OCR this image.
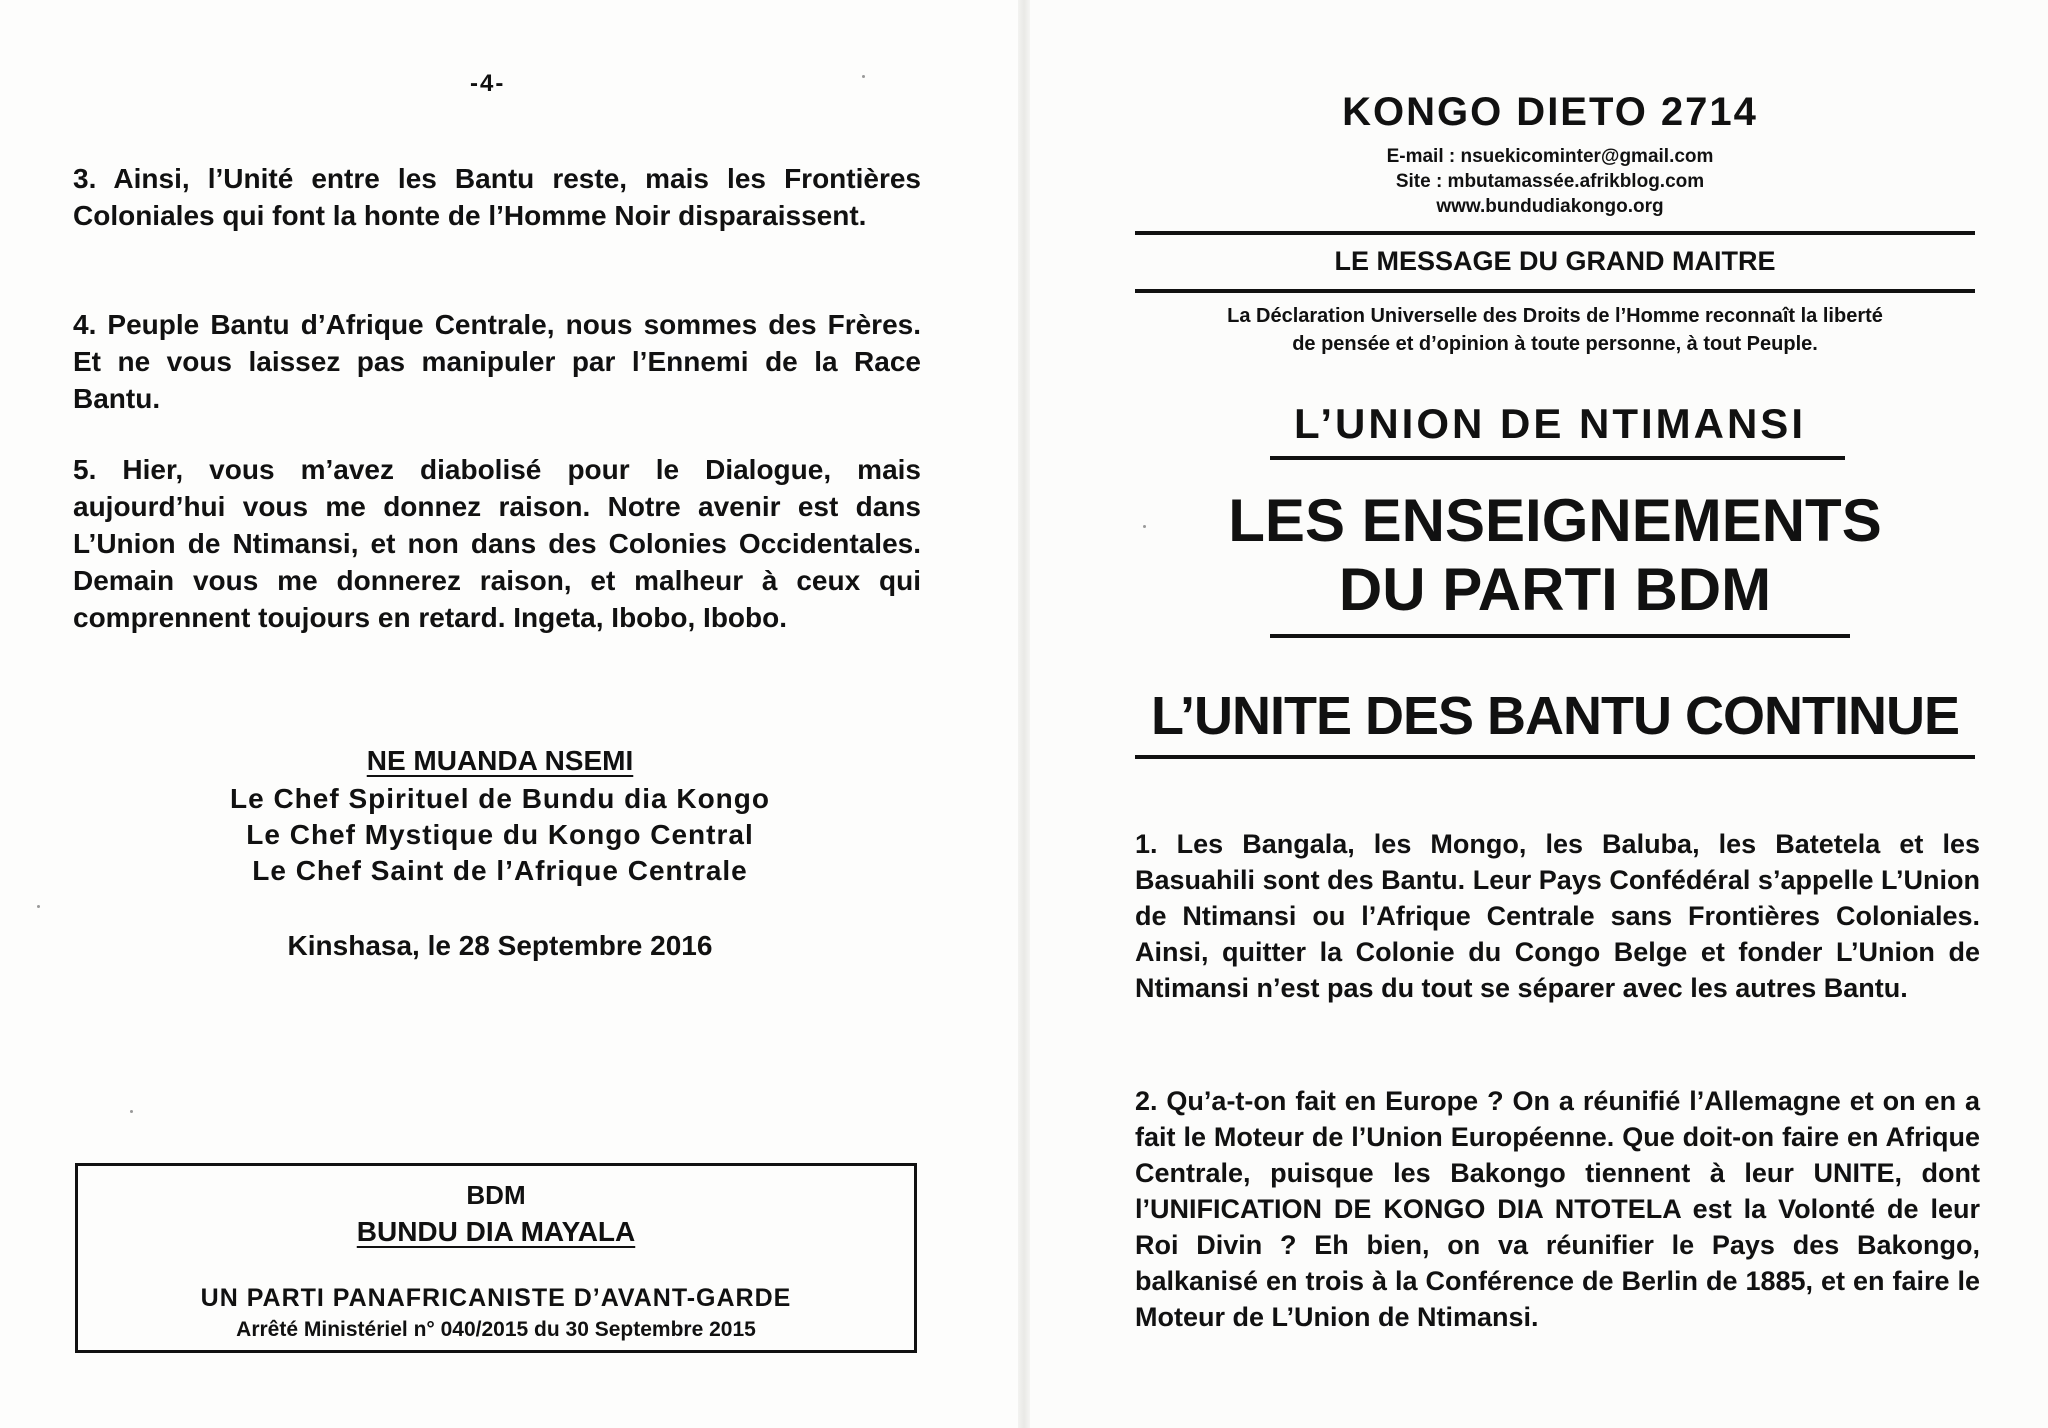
-4-

3. Ainsi, l’Unité entre les Bantu reste, mais les Frontières Coloniales qui font la honte de l’Homme Noir disparaissent.

4. Peuple Bantu d’Afrique Centrale, nous sommes des Frères. Et ne vous laissez pas manipuler par l’Ennemi de la Race Bantu.

5. Hier, vous m’avez diabolisé pour le Dialogue, mais aujourd’hui vous me donnez raison. Notre avenir est dans L’Union de Ntimansi, et non dans des Colonies Occidentales. Demain vous me donnerez raison, et malheur à ceux qui comprennent toujours en retard. Ingeta, Ibobo, Ibobo.

NE MUANDA NSEMI
Le Chef Spirituel de Bundu dia Kongo
Le Chef Mystique du Kongo Central
Le Chef Saint de l’Afrique Centrale
Kinshasa, le 28 Septembre 2016
BDM
BUNDU DIA MAYALA
UN PARTI PANAFRICANISTE D’AVANT-GARDE
Arrêté Ministériel n° 040/2015 du 30 Septembre 2015
KONGO DIETO 2714
E-mail : nsuekicominter@gmail.com
Site : mbutamassée.afrikblog.com
www.bundudiakongo.org
LE MESSAGE DU GRAND MAITRE
La Déclaration Universelle des Droits de l’Homme reconnaît la liberté
de pensée et d’opinion à toute personne, à tout Peuple.
L’UNION DE NTIMANSI
LES ENSEIGNEMENTS
DU PARTI BDM
L’UNITE DES BANTU CONTINUE

1. Les Bangala, les Mongo, les Baluba, les Batetela et les Basuahili sont des Bantu. Leur Pays Confédéral s’appelle L’Union de Ntimansi ou l’Afrique Centrale sans Frontières Coloniales. Ainsi, quitter la Colonie du Congo Belge et fonder L’Union de Ntimansi n’est pas du tout se séparer avec les autres Bantu.

2. Qu’a-t-on fait en Europe ? On a réunifié l’Allemagne et on en a fait le Moteur de l’Union Européenne. Que doit-on faire en Afrique Centrale, puisque les Bakongo tiennent à leur UNITE, dont l’UNIFICATION DE KONGO DIA NTOTELA est la Volonté de leur Roi Divin ? Eh bien, on va réunifier le Pays des Bakongo, balkanisé en trois à la Conférence de Berlin de 1885, et en faire le Moteur de L’Union de Ntimansi.
